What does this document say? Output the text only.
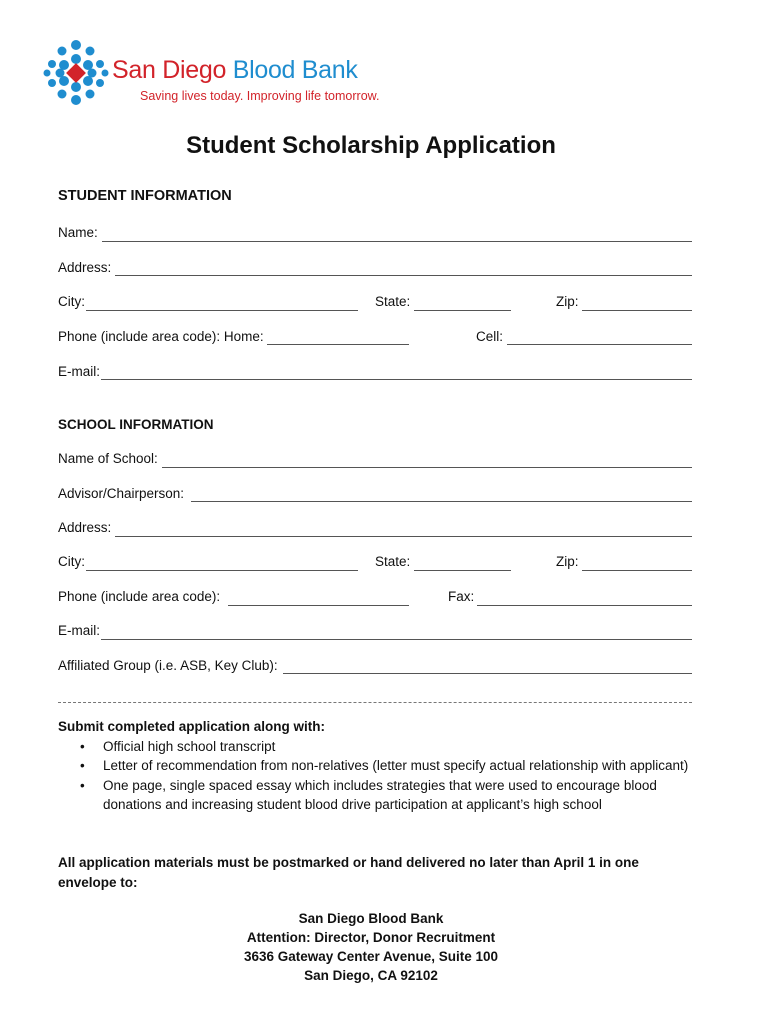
San Diego Blood Bank
Saving lives today. Improving life tomorrow.
Student Scholarship Application
STUDENT INFORMATION
Name:
Address:
City:	State:	Zip:
Phone (include area code): Home:	Cell:
E-mail:
SCHOOL INFORMATION
Name of School:
Advisor/Chairperson:
Address:
City:	State:	Zip:
Phone (include area code):	Fax:
E-mail:
Affiliated Group (i.e. ASB, Key Club):
Submit completed application along with:
• Official high school transcript
• Letter of recommendation from non-relatives (letter must specify actual relationship with applicant)
• One page, single spaced essay which includes strategies that were used to encourage blood donations and increasing student blood drive participation at applicant’s high school
All application materials must be postmarked or hand delivered no later than April 1 in one envelope to:
San Diego Blood Bank
Attention: Director, Donor Recruitment
3636 Gateway Center Avenue, Suite 100
San Diego, CA 92102
